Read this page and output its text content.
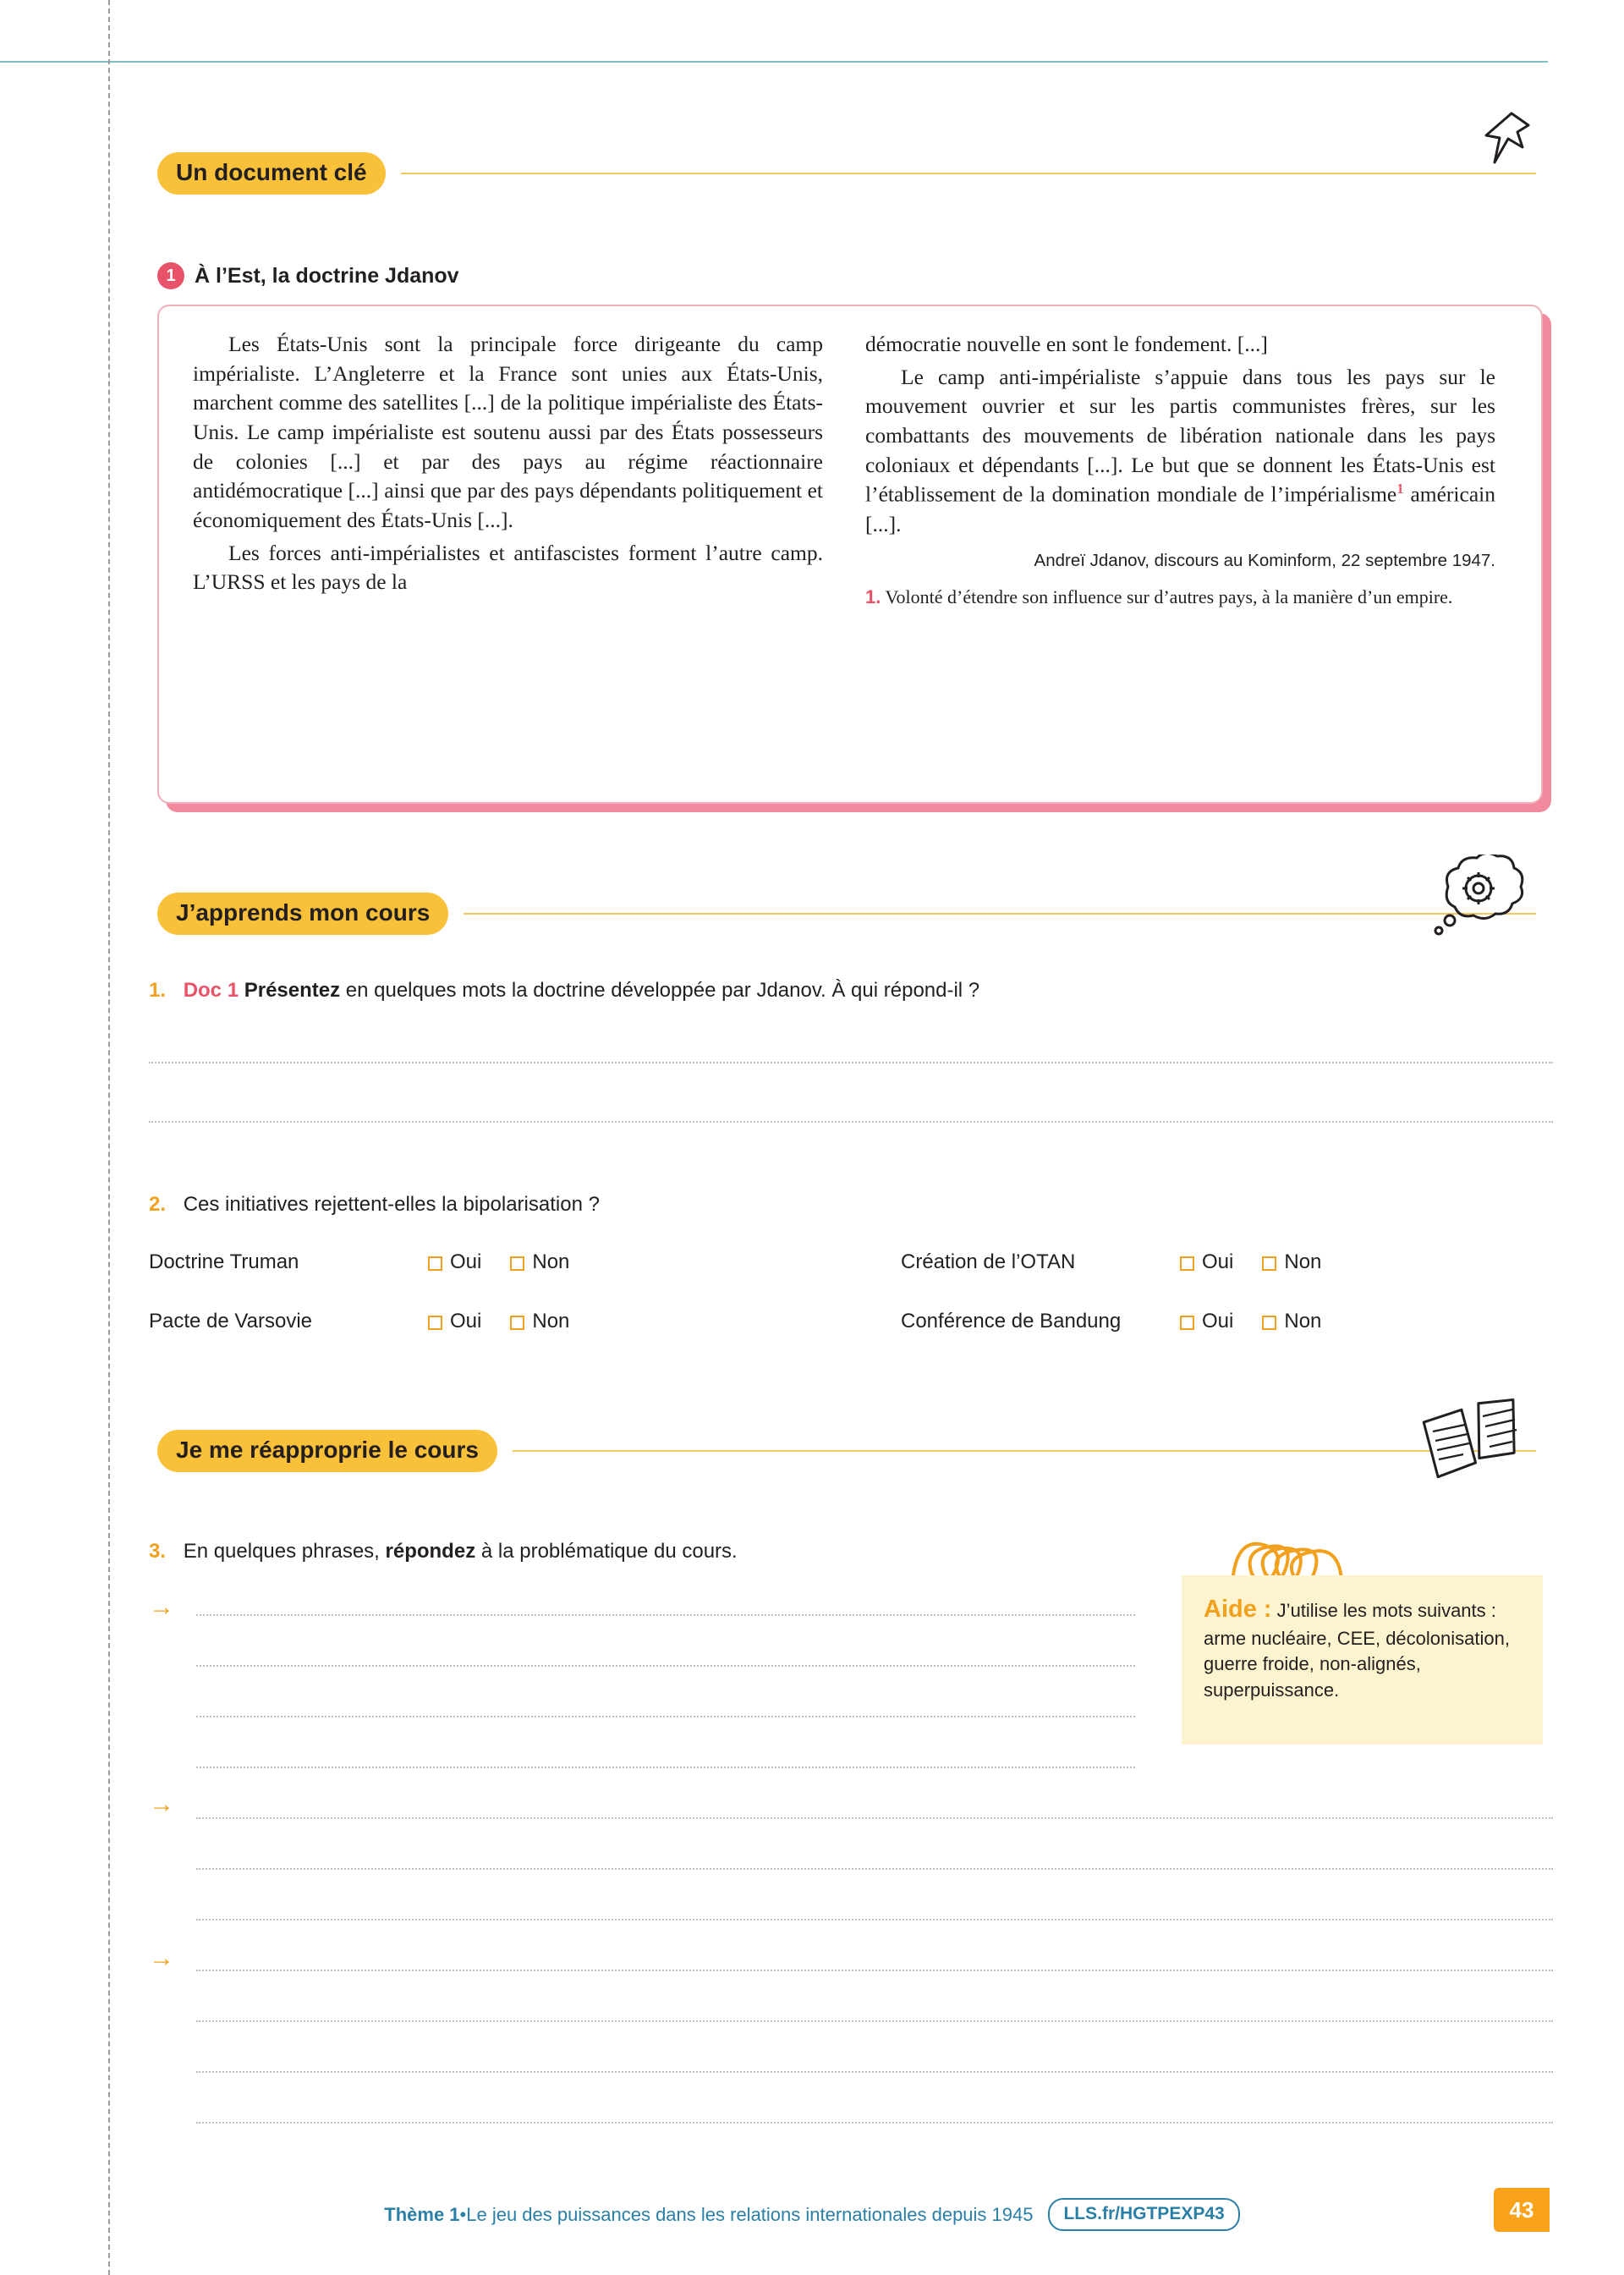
Un document clé
1 À l’Est, la doctrine Jdanov

Les États-Unis sont la principale force dirigeante du camp impérialiste. L’Angleterre et la France sont unies aux États-Unis, marchent comme des satellites [...] de la politique impérialiste des États-Unis. Le camp impérialiste est soutenu aussi par des États possesseurs de colonies [...] et par des pays au régime réactionnaire antidémocratique [...] ainsi que par des pays dépendants politiquement et économiquement des États-Unis [...].

Les forces anti-impérialistes et antifascistes forment l’autre camp. L’URSS et les pays de la

démocratie nouvelle en sont le fondement. [...]

Le camp anti-impérialiste s’appuie dans tous les pays sur le mouvement ouvrier et sur les partis communistes frères, sur les combattants des mouvements de libération nationale dans les pays coloniaux et dépendants [...]. Le but que se donnent les États-Unis est l’établissement de la domination mondiale de l’impérialisme$^1$ américain [...].

Andreï Jdanov, discours au Kominform, 22 septembre 1947.
1. Volonté d’étendre son influence sur d’autres pays, à la manière d’un empire.
J’apprends mon cours
1. Doc 1 Présentez en quelques mots la doctrine développée par Jdanov. À qui répond-il ?
2. Ces initiatives rejettent-elles la bipolarisation ?
Doctrine Truman	Oui	Non	Création de l’OTAN	Oui	Non
Pacte de Varsovie	Oui	Non	Conférence de Bandung	Oui	Non
Je me réapproprie le cours
3. En quelques phrases, répondez à la problématique du cours.
Aide : J’utilise les mots suivants : arme nucléaire, CEE, décolonisation, guerre froide, non-alignés, superpuissance.
→
→
→
Thème 1 • Le jeu des puissances dans les relations internationales depuis 1945	LLS.fr/HGTPEXP43	43
